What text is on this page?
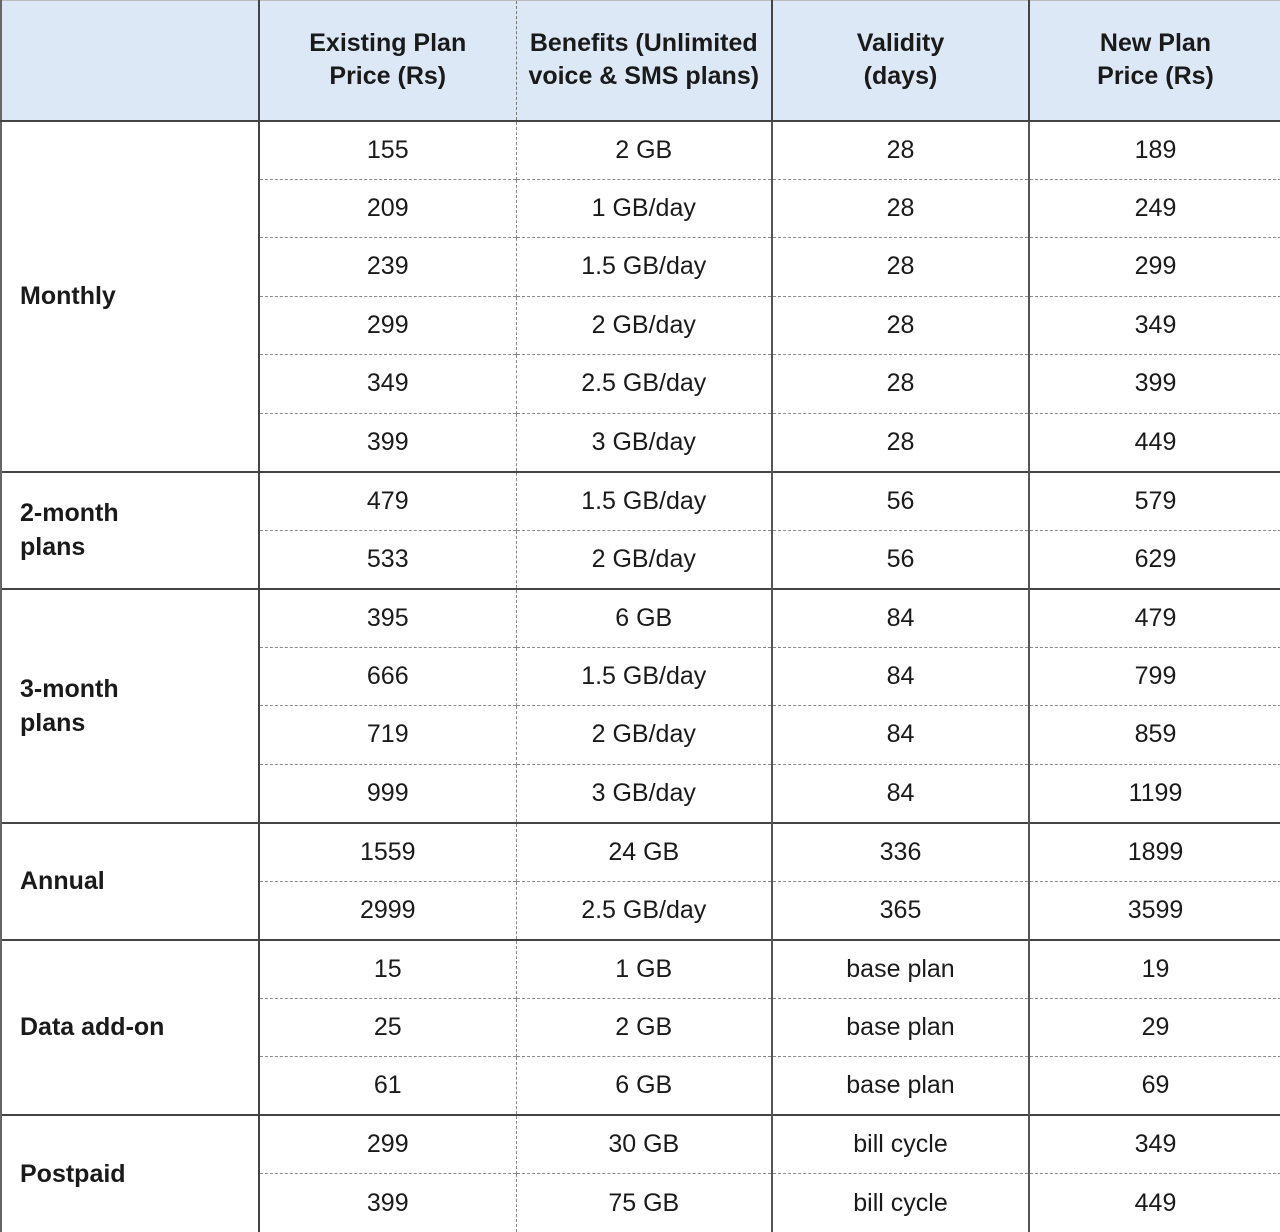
	Existing Plan Price (Rs)	Benefits (Unlimited voice & SMS plans)	Validity (days)	New Plan Price (Rs)
Monthly	155	2 GB	28	189
	209	1 GB/day	28	249
	239	1.5 GB/day	28	299
	299	2 GB/day	28	349
	349	2.5 GB/day	28	399
	399	3 GB/day	28	449
2-month plans	479	1.5 GB/day	56	579
	533	2 GB/day	56	629
3-month plans	395	6 GB	84	479
	666	1.5 GB/day	84	799
	719	2 GB/day	84	859
	999	3 GB/day	84	1199
Annual	1559	24 GB	336	1899
	2999	2.5 GB/day	365	3599
Data add-on	15	1 GB	base plan	19
	25	2 GB	base plan	29
	61	6 GB	base plan	69
Postpaid	299	30 GB	bill cycle	349
	399	75 GB	bill cycle	449
